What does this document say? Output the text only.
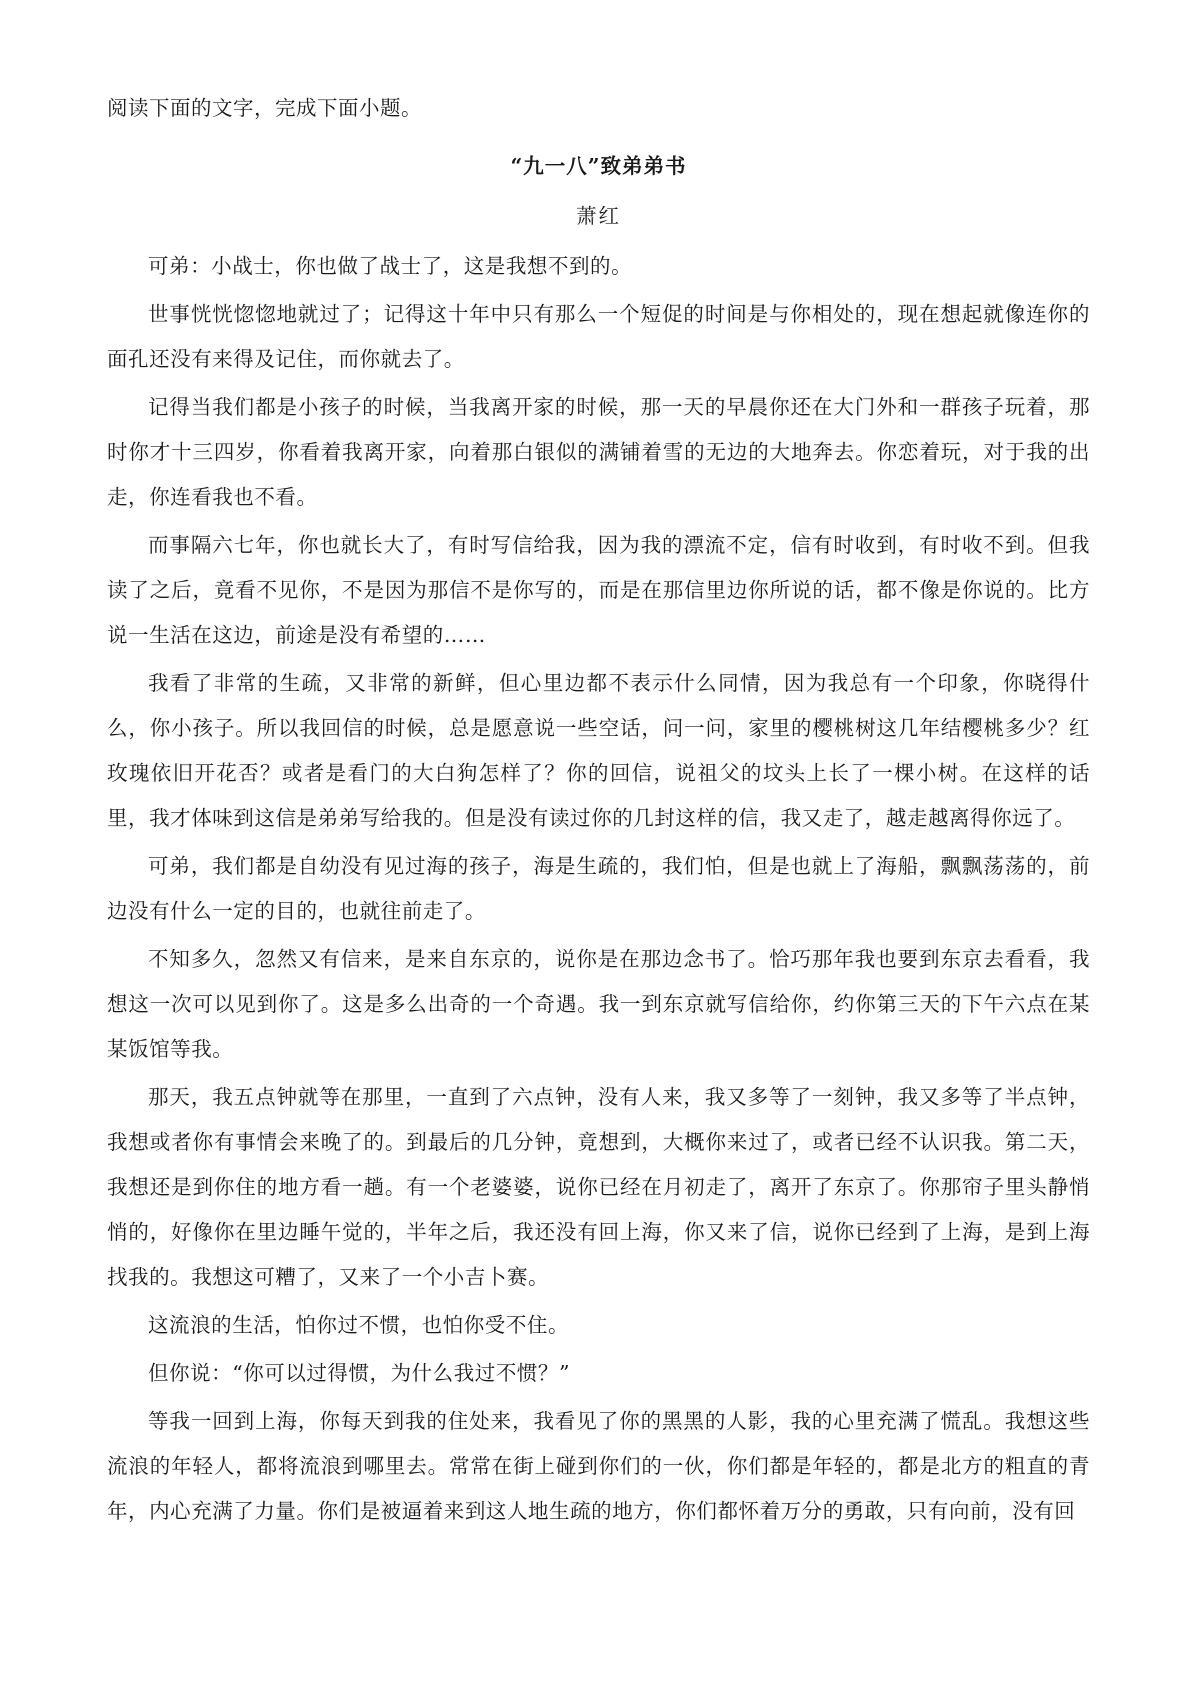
阅读下面的文字，完成下面小题。

“九一八”致弟弟书

萧红

可弟：小战士，你也做了战士了，这是我想不到的。

世事恍恍惚惚地就过了；记得这十年中只有那么一个短促的时间是与你相处的，现在想起就像连你的面孔还没有来得及记住，而你就去了。

记得当我们都是小孩子的时候，当我离开家的时候，那一天的早晨你还在大门外和一群孩子玩着，那时你才十三四岁，你看着我离开家，向着那白银似的满铺着雪的无边的大地奔去。你恋着玩，对于我的出走，你连看我也不看。

而事隔六七年，你也就长大了，有时写信给我，因为我的漂流不定，信有时收到，有时收不到。但我读了之后，竟看不见你，不是因为那信不是你写的，而是在那信里边你所说的话，都不像是你说的。比方说一生活在这边，前途是没有希望的……

我看了非常的生疏，又非常的新鲜，但心里边都不表示什么同情，因为我总有一个印象，你晓得什么，你小孩子。所以我回信的时候，总是愿意说一些空话，问一问，家里的樱桃树这几年结樱桃多少？红玫瑰依旧开花否？或者是看门的大白狗怎样了？你的回信，说祖父的坟头上长了一棵小树。在这样的话里，我才体味到这信是弟弟写给我的。但是没有读过你的几封这样的信，我又走了，越走越离得你远了。

可弟，我们都是自幼没有见过海的孩子，海是生疏的，我们怕，但是也就上了海船，飘飘荡荡的，前边没有什么一定的目的，也就往前走了。

不知多久，忽然又有信来，是来自东京的，说你是在那边念书了。恰巧那年我也要到东京去看看，我想这一次可以见到你了。这是多么出奇的一个奇遇。我一到东京就写信给你，约你第三天的下午六点在某某饭馆等我。

那天，我五点钟就等在那里，一直到了六点钟，没有人来，我又多等了一刻钟，我又多等了半点钟，我想或者你有事情会来晚了的。到最后的几分钟，竟想到，大概你来过了，或者已经不认识我。第二天，我想还是到你住的地方看一趟。有一个老婆婆，说你已经在月初走了，离开了东京了。你那帘子里头静悄悄的，好像你在里边睡午觉的，半年之后，我还没有回上海，你又来了信，说你已经到了上海，是到上海找我的。我想这可糟了，又来了一个小吉卜赛。

这流浪的生活，怕你过不惯，也怕你受不住。

但你说：“你可以过得惯，为什么我过不惯？”

等我一回到上海，你每天到我的住处来，我看见了你的黑黑的人影，我的心里充满了慌乱。我想这些流浪的年轻人，都将流浪到哪里去。常常在街上碰到你们的一伙，你们都是年轻的，都是北方的粗直的青年，内心充满了力量。你们是被逼着来到这人地生疏的地方，你们都怀着万分的勇敢，只有向前，没有回
